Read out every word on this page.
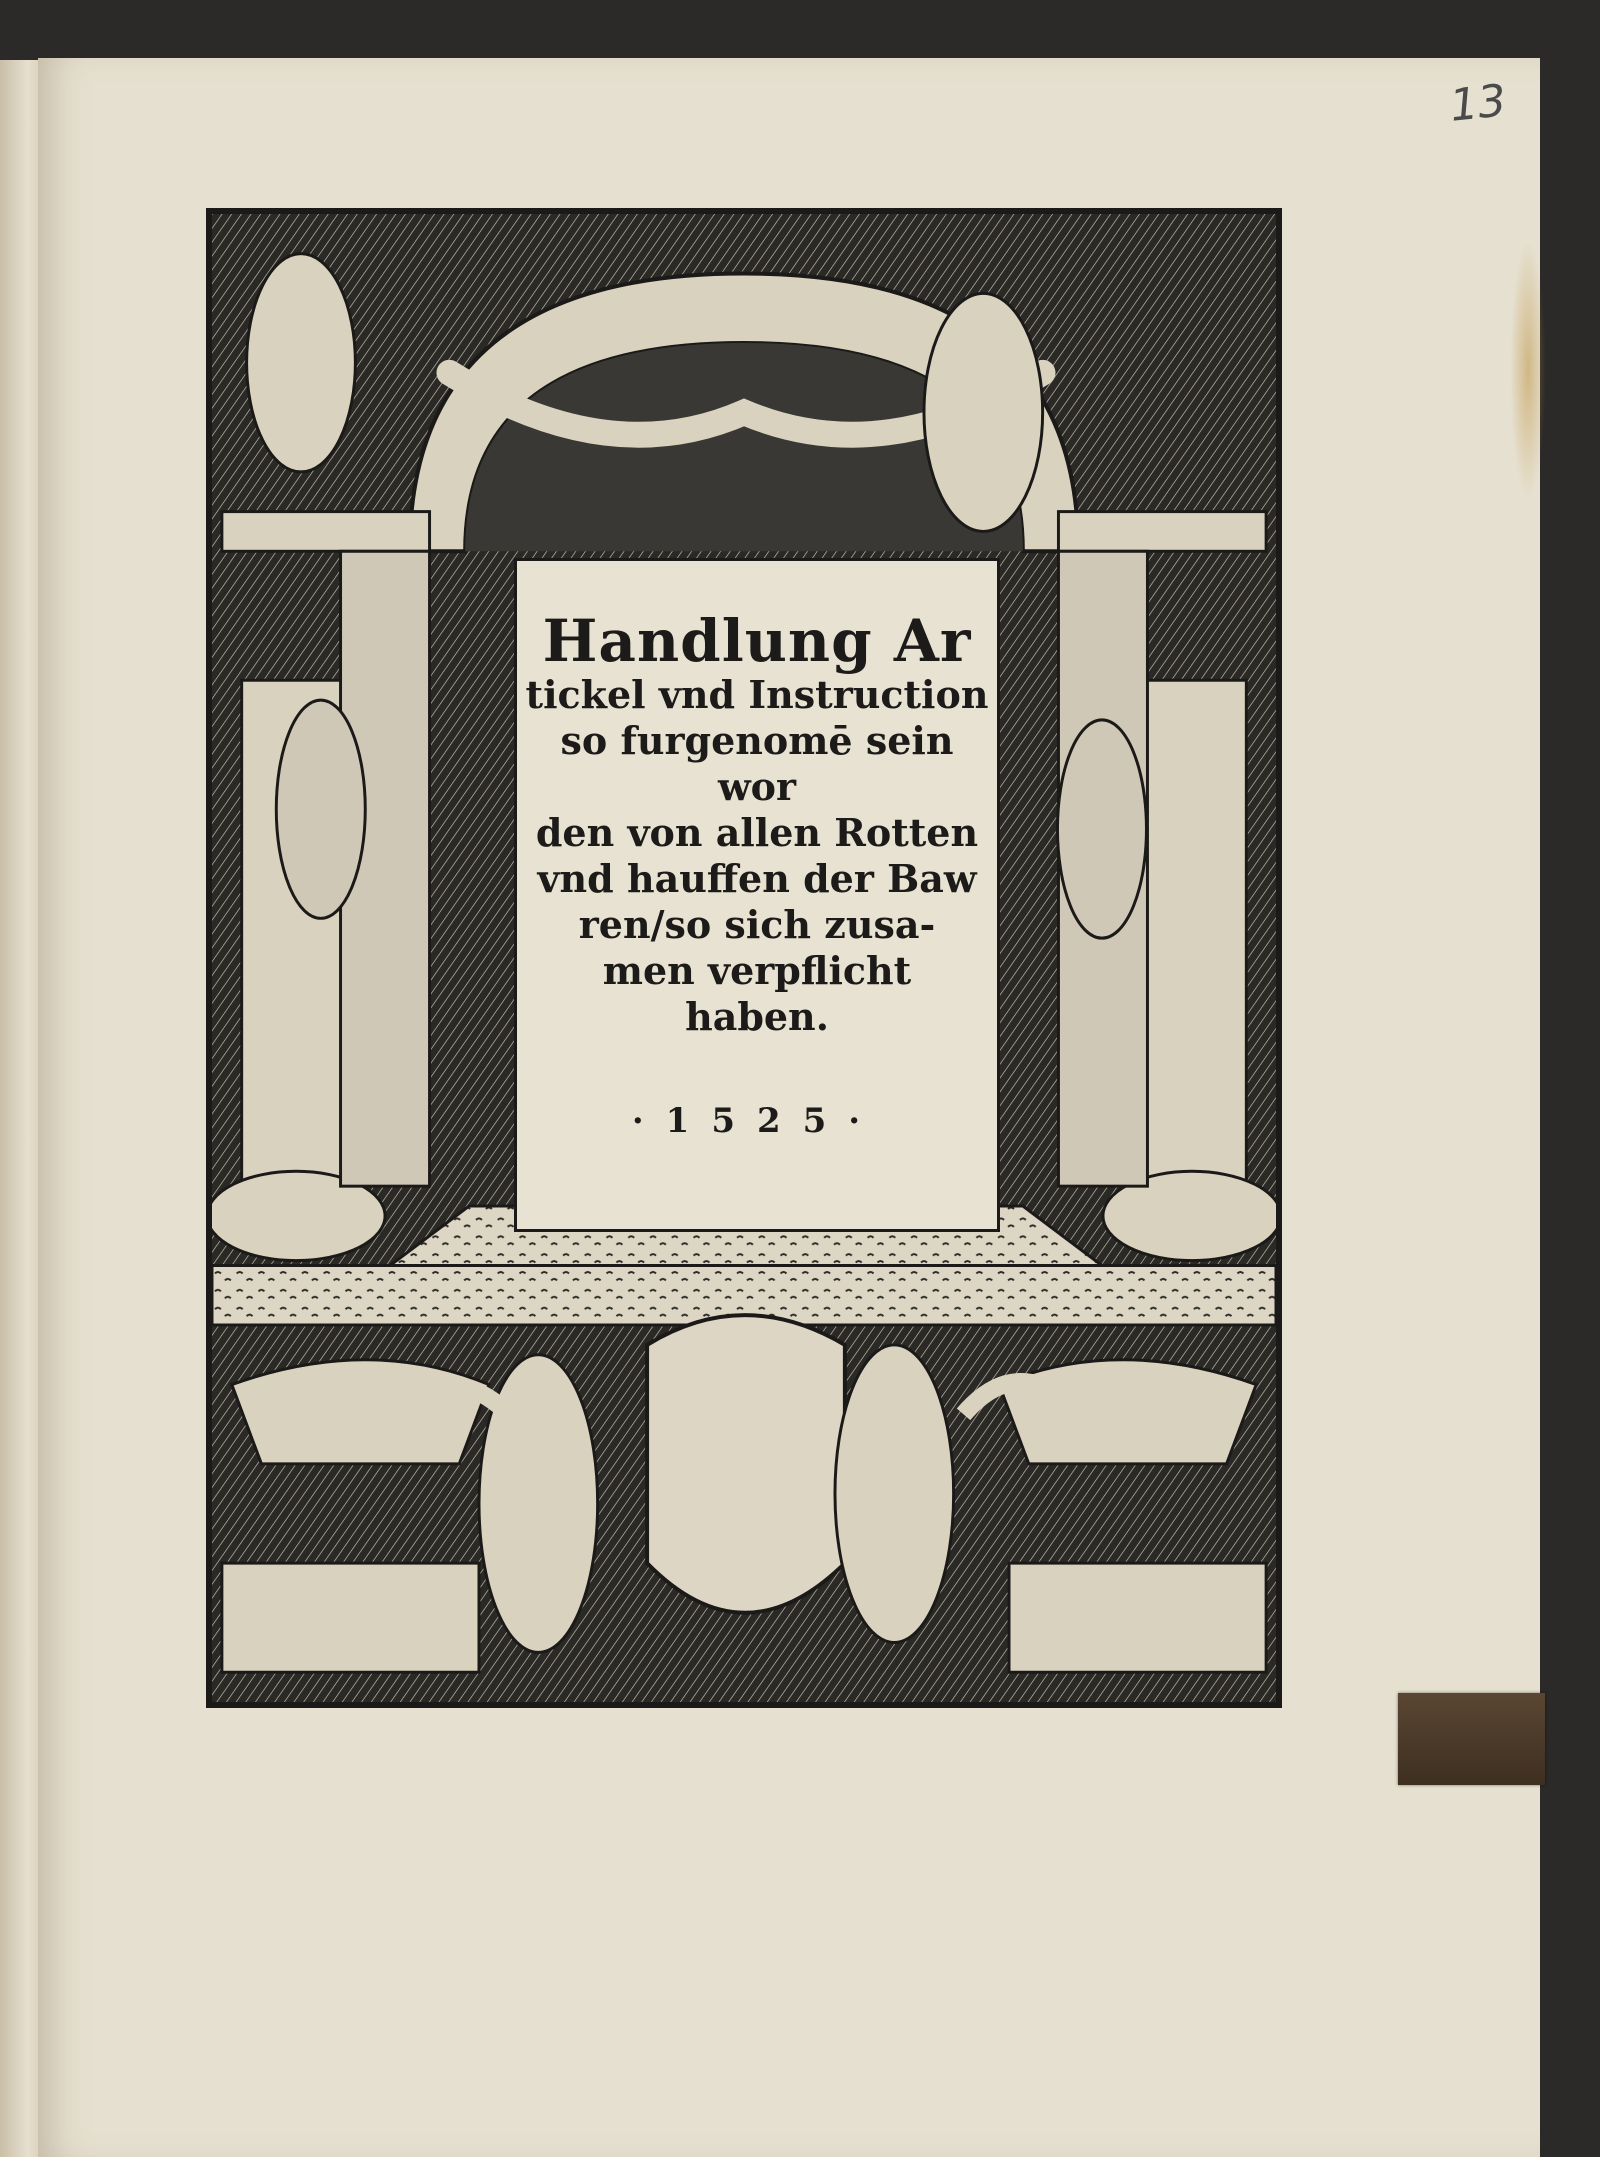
13
Handlung Ar
tickel vnd Instruction
so furgenomē sein wor
den von allen Rotten
vnd hauffen der Baw
ren/so sich zusa-
men verpflicht
haben.
·1525·
